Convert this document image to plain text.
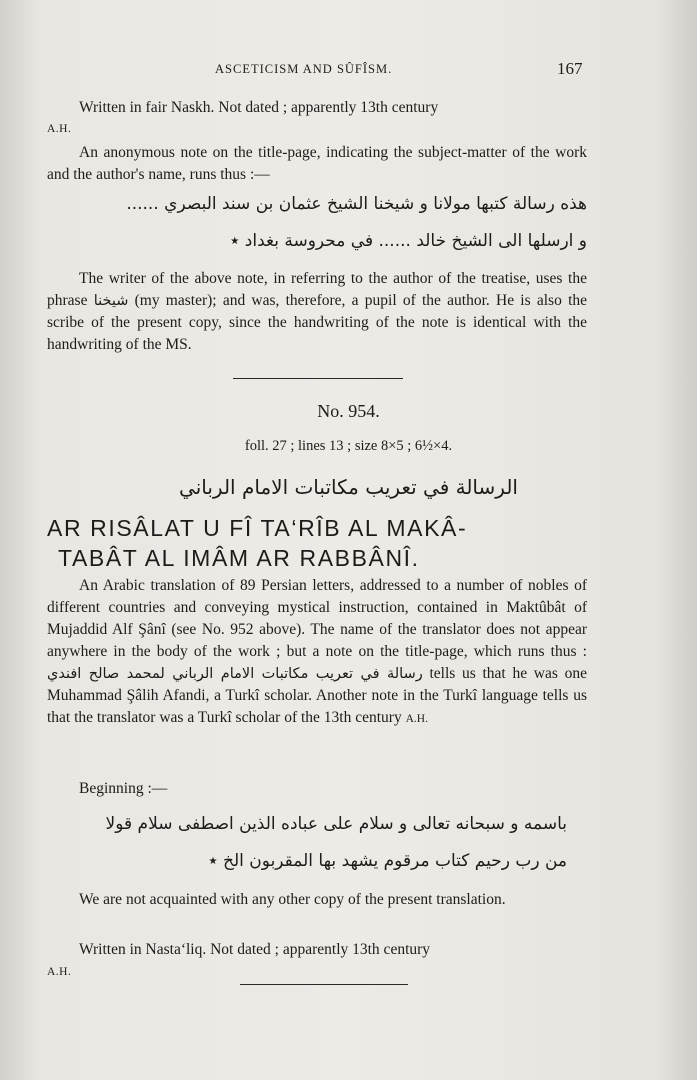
ASCETICISM AND SÛFÎSM.	167
Written in fair Naskh. Not dated ; apparently 13th century
A.H.
An anonymous note on the title-page, indicating the subject-matter of the work and the author's name, runs thus :—
هذه رسالة كتبها مولانا و شيخنا الشيخ عثمان بن سند البصري ......
و ارسلها الى الشيخ خالد ...... في محروسة بغداد ٭
The writer of the above note, in referring to the author of the treatise, uses the phrase شيخنا (my master); and was, therefore, a pupil of the author. He is also the scribe of the present copy, since the handwriting of the note is identical with the handwriting of the MS.
No. 954.
foll. 27 ; lines 13 ; size 8×5 ; 6½×4.
الرسالة في تعريب مكاتبات الامام الرباني
AR RISÂLAT U FÎ TA‘RÎB AL MAKÂ-
TABÂT AL IMÂM AR RABBÂNÎ.
An Arabic translation of 89 Persian letters, addressed to a number of nobles of different countries and conveying mystical instruction, contained in Maktûbât of Mujaddid Alf Şânî (see No. 952 above). The name of the translator does not appear anywhere in the body of the work ; but a note on the title-page, which runs thus : رسالة في تعريب مكاتبات الامام الرباني لمحمد صالح افندي tells us that he was one Muhammad Şâlih Afandi, a Turkî scholar. Another note in the Turkî language tells us that the translator was a Turkî scholar of the 13th century A.H.
Beginning :—
باسمه و سبحانه تعالى و سلام على عباده الذين اصطفى سلام قولا
من رب رحيم كتاب مرقوم يشهد بها المقربون الخ ٭
We are not acquainted with any other copy of the present translation.
Written in Nasta‘liq. Not dated ; apparently 13th century
A.H.
